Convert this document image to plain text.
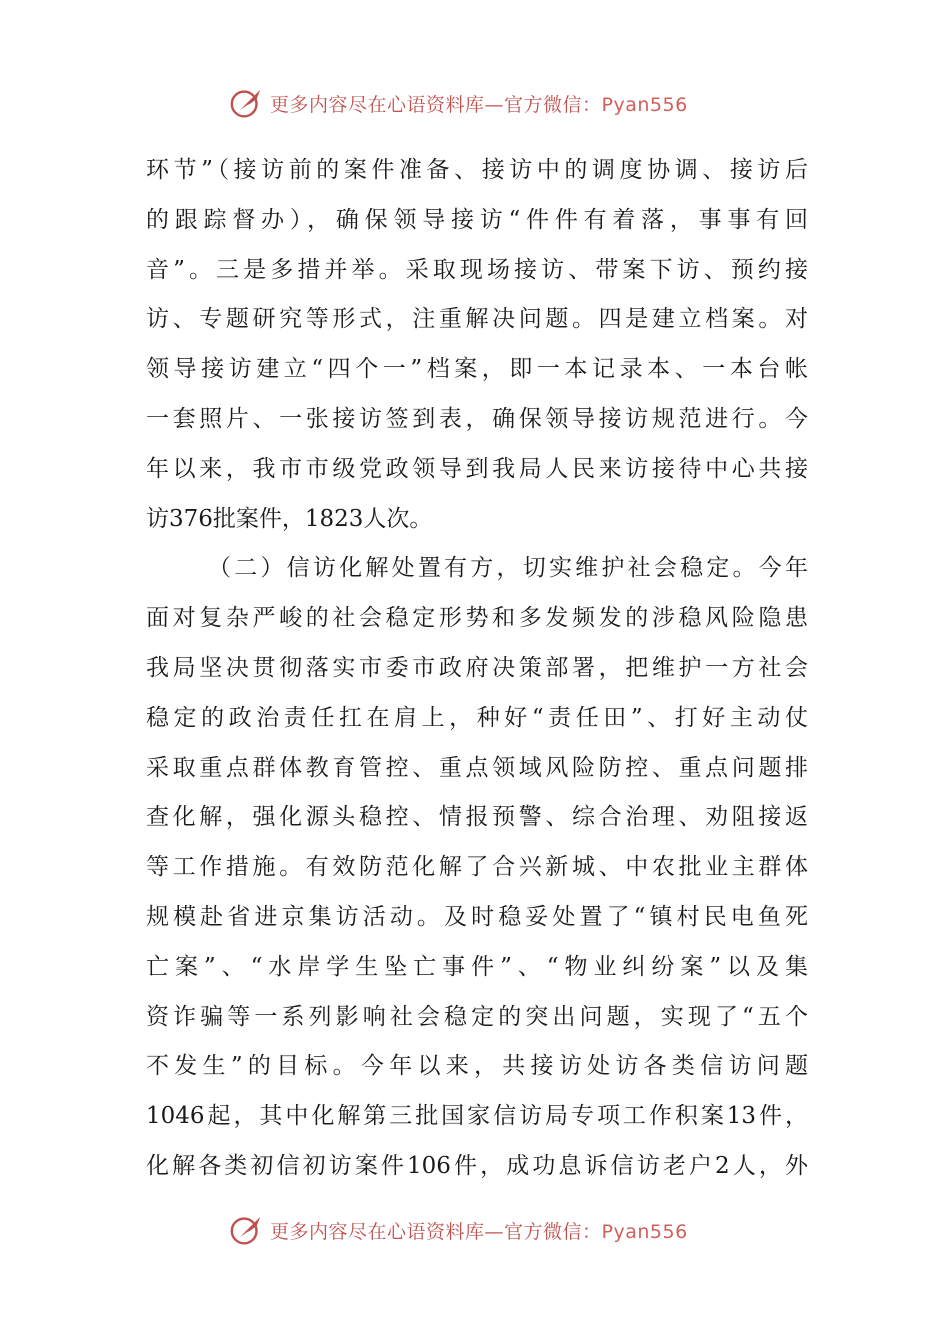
更多内容尽在心语资料库—官方微信：Pyan556
环节”（接访前的案件准备、接访中的调度协调、接访后
的跟踪督办），确保领导接访“件件有着落，事事有回
音”。三是多措并举。采取现场接访、带案下访、预约接
访、专题研究等形式，注重解决问题。四是建立档案。对
领导接访建立“四个一”档案，即一本记录本、一本台帐
一套照片、一张接访签到表，确保领导接访规范进行。今
年以来，我市市级党政领导到我局人民来访接待中心共接
访376批案件，1823人次。
（二）信访化解处置有方，切实维护社会稳定。今年
面对复杂严峻的社会稳定形势和多发频发的涉稳风险隐患
我局坚决贯彻落实市委市政府决策部署，把维护一方社会
稳定的政治责任扛在肩上，种好“责任田”、打好主动仗
采取重点群体教育管控、重点领域风险防控、重点问题排
查化解，强化源头稳控、情报预警、综合治理、劝阻接返
等工作措施。有效防范化解了合兴新城、中农批业主群体
规模赴省进京集访活动。及时稳妥处置了“镇村民电鱼死
亡案”、“水岸学生坠亡事件”、“物业纠纷案”以及集
资诈骗等一系列影响社会稳定的突出问题，实现了“五个
不发生”的目标。今年以来，共接访处访各类信访问题
1046起，其中化解第三批国家信访局专项工作积案13件，
化解各类初信初访案件106件，成功息诉信访老户2人，外
更多内容尽在心语资料库—官方微信：Pyan556
